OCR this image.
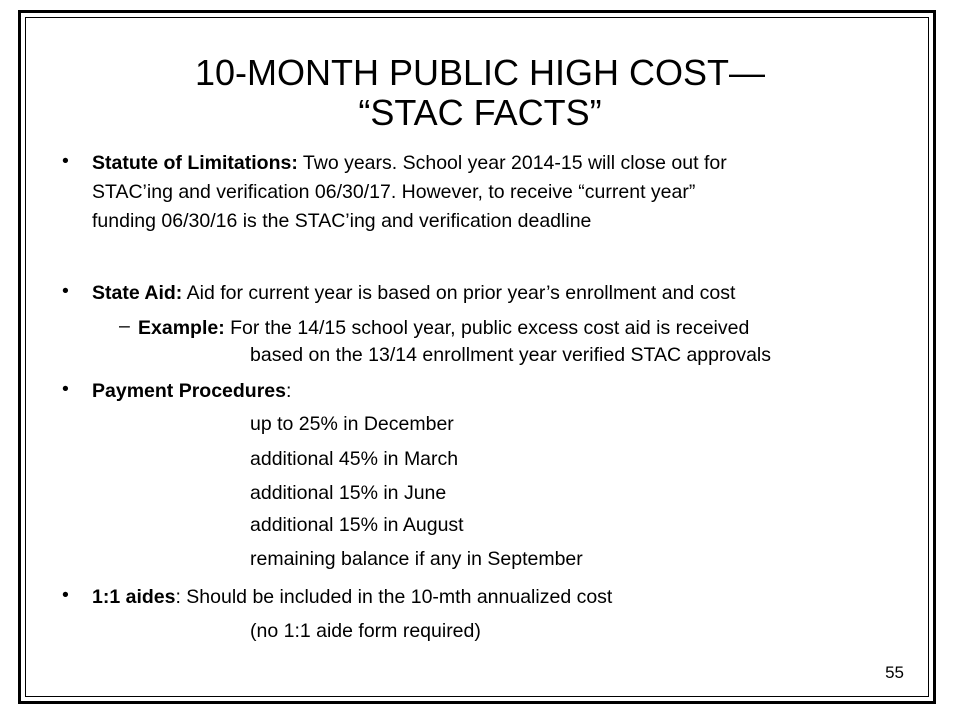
10-MONTH PUBLIC HIGH COST—
“STAC FACTS”
• Statute of Limitations: Two years. School year 2014-15 will close out for
STAC’ing and verification 06/30/17. However, to receive “current year”
funding 06/30/16 is the STAC’ing and verification deadline
• State Aid: Aid for current year is based on prior year’s enrollment and cost
– Example: For the 14/15 school year, public excess cost aid is received
based on the 13/14 enrollment year verified STAC approvals
• Payment Procedures:
up to 25% in December
additional 45% in March
additional 15% in June
additional 15% in August
remaining balance if any in September
• 1:1 aides: Should be included in the 10-mth annualized cost
(no 1:1 aide form required)
55
